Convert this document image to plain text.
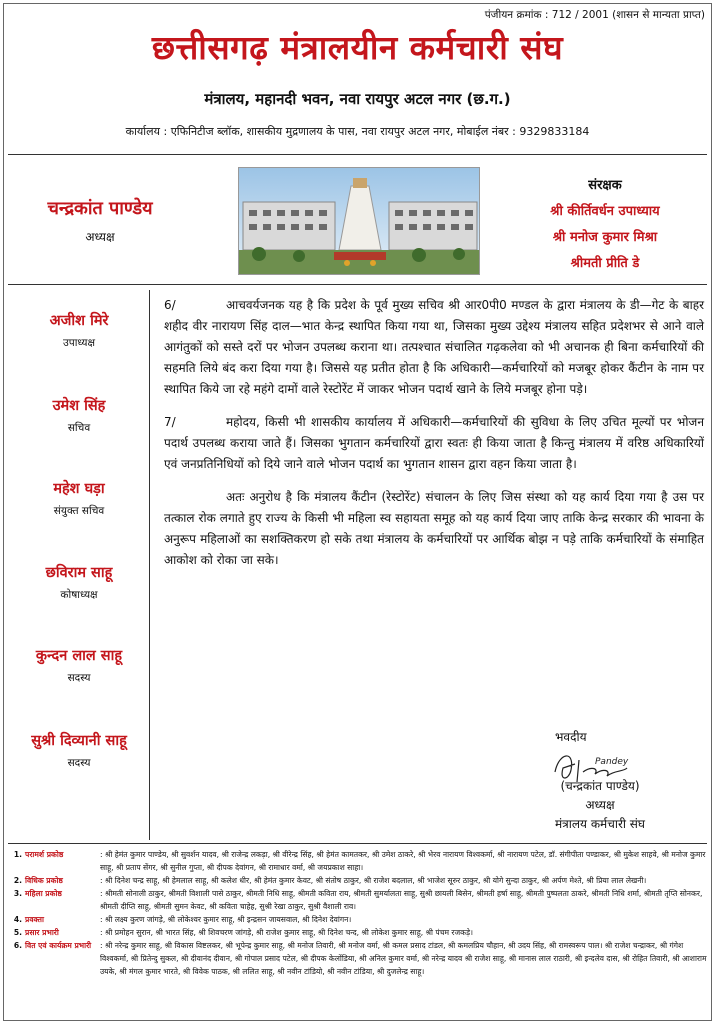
पंजीयन क्रमांक : 712 / 2001 (शासन से मान्यता प्राप्त)
छत्तीसगढ़ मंत्रालयीन कर्मचारी संघ
मंत्रालय, महानदी भवन, नवा रायपुर अटल नगर (छ.ग.)
कार्यालय : एफिनिटीज ब्लॉक, शासकीय मुद्रणालय के पास, नवा रायपुर अटल नगर, मोबाईल नंबर : 9329833184
चन्द्रकांत पाण्डेय
अध्यक्ष
संरक्षक
श्री कीर्तिवर्धन उपाध्याय
श्री मनोज कुमार मिश्रा
श्रीमती प्रीति डे
अजीश मिरे
उपाध्यक्ष
उमेश सिंह
सचिव
महेश घड़ा
संयुक्त सचिव
छविराम साहू
कोषाध्यक्ष
कुन्दन लाल साहू
सदस्य
सुश्री दिव्यानी साहू
सदस्य

6/	आचवर्यजनक यह है कि प्रदेश के पूर्व मुख्य सचिव श्री आर0पी0 मण्डल के द्वारा मंत्रालय के डी—गेट के बाहर शहीद वीर नारायण सिंह दाल—भात केन्द्र स्थापित किया गया था, जिसका मुख्य उद्देश्य मंत्रालय सहित प्रदेशभर से आने वाले आगंतुकों को सस्ते दरों पर भोजन उपलब्ध कराना था। तत्पश्चात संचालित गढ़कलेवा को भी अचानक ही बिना कर्मचारियों की सहमति लिये बंद करा दिया गया है। जिससे यह प्रतीत होता है कि अधिकारी—कर्मचारियों को मजबूर होकर कैंटीन के नाम पर स्थापित किये जा रहे महंगे दामों वाले रेस्टोरेंट में जाकर भोजन पदार्थ खाने के लिये मजबूर होना पड़े।

7/	महोदय, किसी भी शासकीय कार्यालय में अधिकारी—कर्मचारियों की सुविधा के लिए उचित मूल्यों पर भोजन पदार्थ उपलब्ध कराया जाते हैं। जिसका भुगतान कर्मचारियों द्वारा स्वतः ही किया जाता है किन्तु मंत्रालय में वरिष्ठ अधिकारियों एवं जनप्रतिनिधियों को दिये जाने वाले भोजन पदार्थ का भुगतान शासन द्वारा वहन किया जाता है।

अतः अनुरोध है कि मंत्रालय कैंटीन (रेस्टोरेंट) संचालन के लिए जिस संस्था को यह कार्य दिया गया है उस पर तत्काल रोक लगाते हुए राज्य के किसी भी महिला स्व सहायता समूह को यह कार्य दिया जाए ताकि केन्द्र सरकार की भावना के अनुरूप महिलाओं का सशक्तिकरण हो सके तथा मंत्रालय के कर्मचारियों पर आर्थिक बोझ न पड़े ताकि कर्मचारियों के संमाहित आकोश को रोका जा सके।

भवदीय
Pandey
(चन्द्रकांत पाण्डेय)
अध्यक्ष
मंत्रालय कर्मचारी संघ
1. परामर्श प्रकोष्ठ	: श्री हेमंत कुमार पाण्डेय, श्री सुवर्शन यादव, श्री राजेन्द्र लकड़ा, श्री वीरेन्द्र सिंह, श्री हेमंत कामतकर, श्री उमेश ठाकरे, श्री भेरव नारायण विश्वकर्मा, श्री नारायण पटेल, डॉ. संगीपीता पण्डाकर, श्री मुकेश साहवे, श्री मनोज कुमार साहू, श्री प्रताप सेंगर, श्री सुनील गुप्ता, श्री दीपक देवांगन, श्री रामाधार वर्मा, श्री जयप्रकाश साहा।
2. विधिक प्रकोष्ठ	: श्री दिनेश चन्द्र साहू, श्री हेमलाल साहू, श्री कलेश धीर, श्री हेमंत कुमार केवट, श्री संतोष ठाकुर, श्री राजेश बदलाल, श्री भाजेश सूरुर ठाकुर, श्री योगे सुन्दा ठाकुर, श्री अर्पण मेश्ते, श्री प्रिया लाल लेखनी।
3. महिला प्रकोष्ठ	: श्रीमती सोनाली ठाकुर, श्रीमती विशाली पासे ठाकुर, श्रीमती निधि साहू, श्रीमती कविता राय, श्रीमती सुमर्यालता साहू, सुश्री छायली बिसेन, श्रीमती हर्षा साहू, श्रीमती पुष्पलता ठाकरे, श्रीमती निधि शर्मा, श्रीमती तृप्ति सोनकर, श्रीमती दीप्ति साहू, श्रीमती सुमन केवट, श्री कविता चाहेह, सुश्री रेखा ठाकुर, सुश्री वैशाली राव।
4. प्रवक्ता	: श्री लक्ष्य कुरण जांगड़े, श्री लोकेश्वर कुमार साहू, श्री इन्द्रसन जायसवाल, श्री दिनेश देवांगन।
5. प्रसार प्रभारी	: श्री प्रमोहन सुरान, श्री भारत सिंह, श्री शिवचरण जांगड़े, श्री राजेश कुमार साहू, श्री दिनेश चन्द, श्री लोकेश कुमार साहू, श्री पंचम रजकड़े।
6. वित एवं कार्यक्रम प्रभारी	: श्री नरेन्द्र कुमार साहू, श्री विकास विष्टलकर, श्री भूपेन्द्र कुमार साहू, श्री मनोज तिवारी, श्री मनोज वर्मा, श्री कमल प्रसाद टांडल, श्री कमलप्रिय चौहान, श्री उदय सिंह, श्री रामस्वरूप पाल। श्री राजेश चन्द्राकर, श्री गंगेश विश्वकर्मा, श्री प्रितेन्दु सुकल, श्री दीवानंद दीवान, श्री गोपाल प्रसाद पटेल, श्री दीपक केलोंडिया, श्री अनिल कुमार वर्मा, श्री नरेन्द्र यादव श्री राजेश साहू, श्री मानास लाल राठारी, श्री इन्दलेव दास, श्री रोहित तिवारी, श्री आशाराम उयके, श्री मंगल कुमार भारते, श्री विवेक पाठक, श्री ललित साहू, श्री नवीन टांडियो, श्री नवीन टांडिया, श्री दुजलेन्द्र साहू।
